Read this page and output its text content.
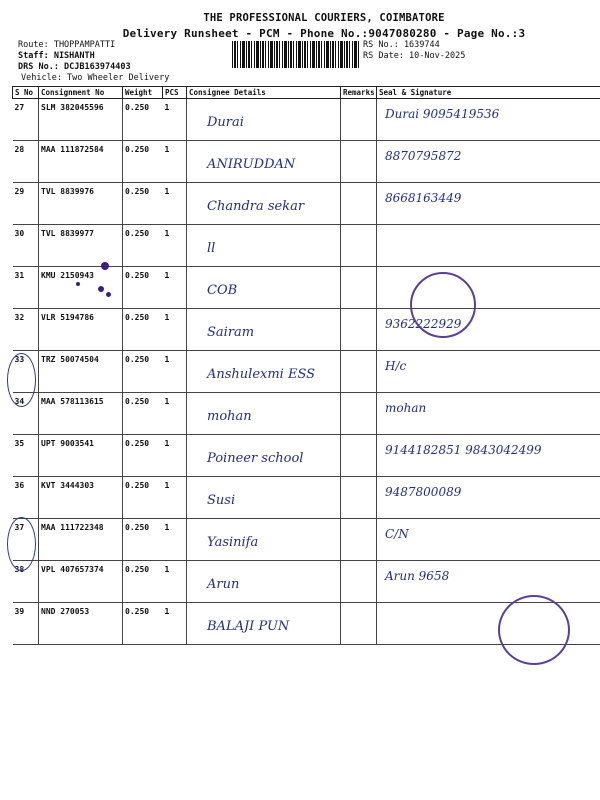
THE PROFESSIONAL COURIERS, COIMBATORE
Delivery Runsheet - PCM - Phone No.:9047080280 - Page No.:3
Route: THOPPAMPATTI
Staff: NISHANTH
DRS No.: DCJB163974403
Vehicle: Two Wheeler Delivery
RS No.: 1639744
RS Date: 10-Nov-2025
S No	Consignment No	Weight	PCS	Consignee Details	Remarks	Seal & Signature

27	SLM 382045596	0.250	1	Durai		Durai 9095419536

28	MAA 111872584	0.250	1	ANIRUDDAN		8870795872

29	TVL 8839976	0.250	1	Chandra sekar		8668163449

30	TVL 8839977	0.250	1	ll		

31	KMU 2150943	0.250	1	COB		

32	VLR 5194786	0.250	1	Sairam		9362222929

33	TRZ 50074504	0.250	1	Anshulexmi ESS		H/c

34	MAA 578113615	0.250	1	mohan		mohan

35	UPT 9003541	0.250	1	Poineer school		9144182851 9843042499

36	KVT 3444303	0.250	1	Susi		9487800089

37	MAA 111722348	0.250	1	Yasinifa		C/N

38	VPL 407657374	0.250	1	Arun		Arun 9658

39	NND 270053	0.250	1	BALAJI PUN		
